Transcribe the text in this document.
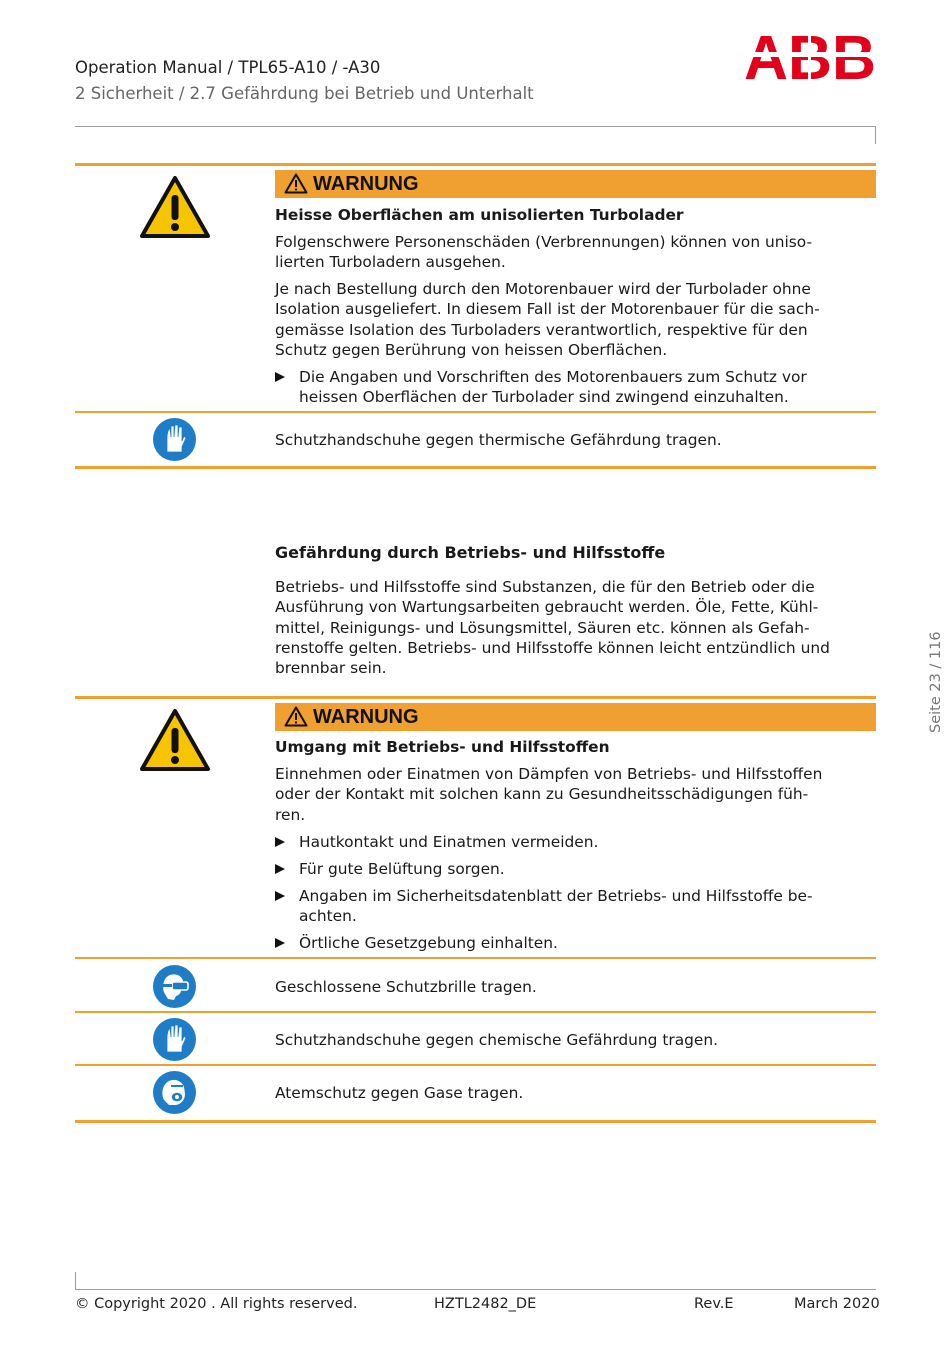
Operation Manual / TPL65-A10 / -A30
2 Sicherheit / 2.7 Gefährdung bei Betrieb und Unterhalt
WARNUNG
Heisse Oberflächen am unisolierten Turbolader

Folgenschwere Personenschäden (Verbrennungen) können von uniso-

lierten Turboladern ausgehen.

Je nach Bestellung durch den Motorenbauer wird der Turbolader ohne

Isolation ausgeliefert. In diesem Fall ist der Motorenbauer für die sach-

gemässe Isolation des Turboladers verantwortlich, respektive für den

Schutz gegen Berührung von heissen Oberflächen.

Die Angaben und Vorschriften des Motorenbauers zum Schutz vor

heissen Oberflächen der Turbolader sind zwingend einzuhalten.

Schutzhandschuhe gegen thermische Gefährdung tragen.
Gefährdung durch Betriebs- und Hilfsstoffe

Betriebs- und Hilfsstoffe sind Substanzen, die für den Betrieb oder die

Ausführung von Wartungsarbeiten gebraucht werden. Öle, Fette, Kühl-

mittel, Reinigungs- und Lösungsmittel, Säuren etc. können als Gefah-

renstoffe gelten. Betriebs- und Hilfsstoffe können leicht entzündlich und

brennbar sein.

WARNUNG
Umgang mit Betriebs- und Hilfsstoffen

Einnehmen oder Einatmen von Dämpfen von Betriebs- und Hilfsstoffen

oder der Kontakt mit solchen kann zu Gesundheitsschädigungen füh-

ren.

Hautkontakt und Einatmen vermeiden.

Für gute Belüftung sorgen.

Angaben im Sicherheitsdatenblatt der Betriebs- und Hilfsstoffe be-

achten.

Örtliche Gesetzgebung einhalten.

Geschlossene Schutzbrille tragen.
Schutzhandschuhe gegen chemische Gefährdung tragen.
Atemschutz gegen Gase tragen.
Seite 23 / 116
© Copyright 2020 . All rights reserved.	HZTL2482_DE	Rev.E	March 2020
